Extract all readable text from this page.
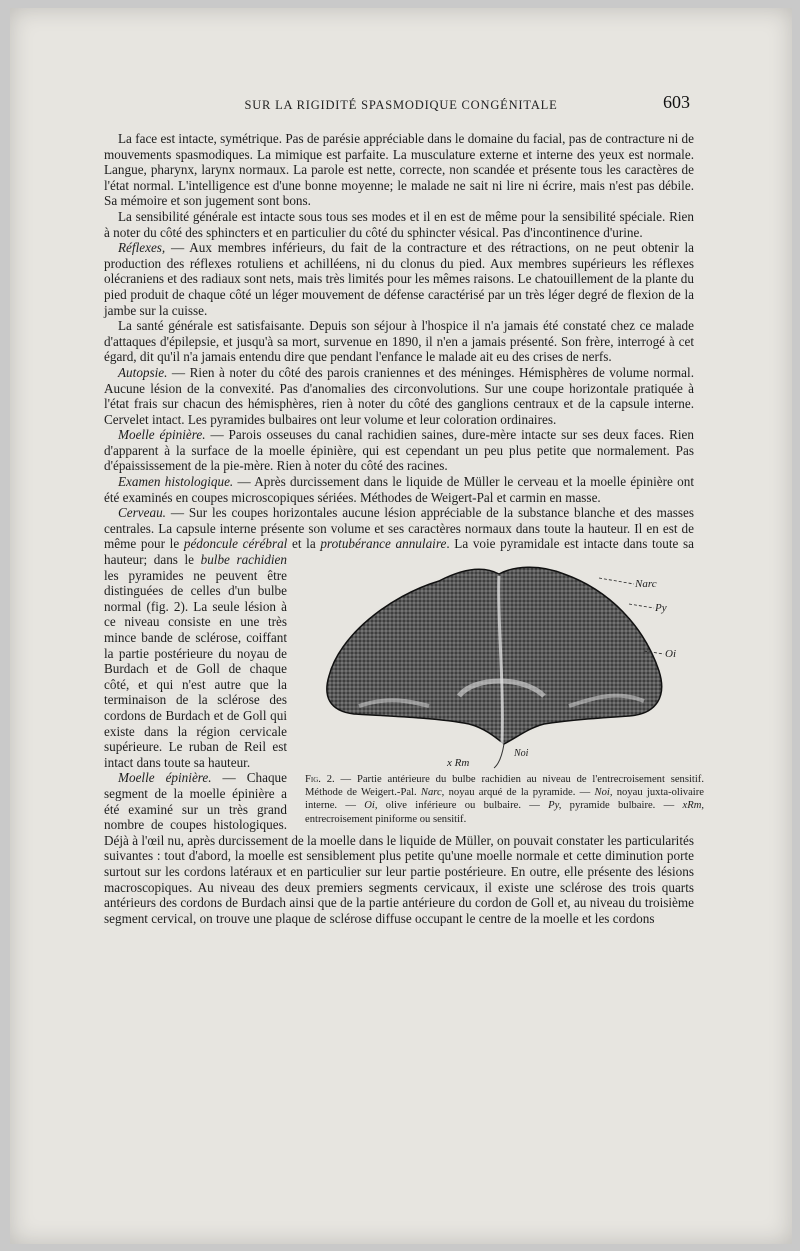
SUR LA RIGIDITÉ SPASMODIQUE CONGÉNITALE	603

La face est intacte, symétrique. Pas de parésie appréciable dans le domaine du facial, pas de contracture ni de mouvements spasmodiques. La mimique est parfaite. La musculature externe et interne des yeux est normale. Langue, pharynx, larynx normaux. La parole est nette, correcte, non scandée et présente tous les caractères de l'état normal. L'intelligence est d'une bonne moyenne; le malade ne sait ni lire ni écrire, mais n'est pas débile. Sa mémoire et son jugement sont bons.

La sensibilité générale est intacte sous tous ses modes et il en est de même pour la sensibilité spéciale. Rien à noter du côté des sphincters et en particulier du côté du sphincter vésical. Pas d'incontinence d'urine.

Réflexes, — Aux membres inférieurs, du fait de la contracture et des rétractions, on ne peut obtenir la production des réflexes rotuliens et achilléens, ni du clonus du pied. Aux membres supérieurs les réflexes olécraniens et des radiaux sont nets, mais très limités pour les mêmes raisons. Le chatouillement de la plante du pied produit de chaque côté un léger mouvement de défense caractérisé par un très léger degré de flexion de la jambe sur la cuisse.

La santé générale est satisfaisante. Depuis son séjour à l'hospice il n'a jamais été constaté chez ce malade d'attaques d'épilepsie, et jusqu'à sa mort, survenue en 1890, il n'en a jamais présenté. Son frère, interrogé à cet égard, dit qu'il n'a jamais entendu dire que pendant l'enfance le malade ait eu des crises de nerfs.

Autopsie. — Rien à noter du côté des parois craniennes et des méninges. Hémisphères de volume normal. Aucune lésion de la convexité. Pas d'anomalies des circonvolutions. Sur une coupe horizontale pratiquée à l'état frais sur chacun des hémisphères, rien à noter du côté des ganglions centraux et de la capsule interne. Cervelet intact. Les pyramides bulbaires ont leur volume et leur coloration ordinaires.

Moelle épinière. — Parois osseuses du canal rachidien saines, dure-mère intacte sur ses deux faces. Rien d'apparent à la surface de la moelle épinière, qui est cependant un peu plus petite que normalement. Pas d'épaississement de la pie-mère. Rien à noter du côté des racines.

Examen histologique. — Après durcissement dans le liquide de Müller le cerveau et la moelle épinière ont été examinés en coupes microscopiques sériées. Méthodes de Weigert-Pal et carmin en masse.

Cerveau. — Sur les coupes horizontales aucune lésion appréciable de la substance blanche et des masses centrales. La capsule interne présente son volume et ses caractères normaux dans toute la hauteur. Il en est de même pour le pédoncule cérébral et la protubérance annulaire. La voie pyramidale est intacte dans toute sa hauteur; dans le bulbe rachidien
Narc
Py
Oi
Noi
x Rm
Fig. 2. — Partie antérieure du bulbe rachidien au niveau de l'entrecroisement sensitif. Méthode de Weigert.-Pal. Narc, noyau arqué de la pyramide. — Noi, noyau juxta-olivaire interne. — Oi, olive inférieure ou bulbaire. — Py, pyramide bulbaire. — xRm, entrecroisement piniforme ou sensitif.
les pyramides ne peuvent être distinguées de celles d'un bulbe normal (fig. 2). La seule lésion à ce niveau consiste en une très mince bande de sclérose, coiffant la partie postérieure du noyau de Burdach et de Goll de chaque côté, et qui n'est autre que la terminaison de la sclérose des cordons de Burdach et de Goll qui existe dans la région cervicale supérieure. Le ruban de Reil est intact dans toute sa hauteur.

Moelle épinière. — Chaque segment de la moelle épinière a été examiné sur un très grand nombre de coupes histologiques. Déjà à l'œil nu, après durcissement de la moelle dans le liquide de Müller, on pouvait constater les particularités suivantes : tout d'abord, la moelle est sensiblement plus petite qu'une moelle normale et cette diminution porte surtout sur les cordons latéraux et en particulier sur leur partie postérieure. En outre, elle présente des lésions macroscopiques. Au niveau des deux premiers segments cervicaux, il existe une sclérose des trois quarts antérieurs des cordons de Burdach ainsi que de la partie antérieure du cordon de Goll et, au niveau du troisième segment cervical, on trouve une plaque de sclérose diffuse occupant le centre de la moelle et les cordons
